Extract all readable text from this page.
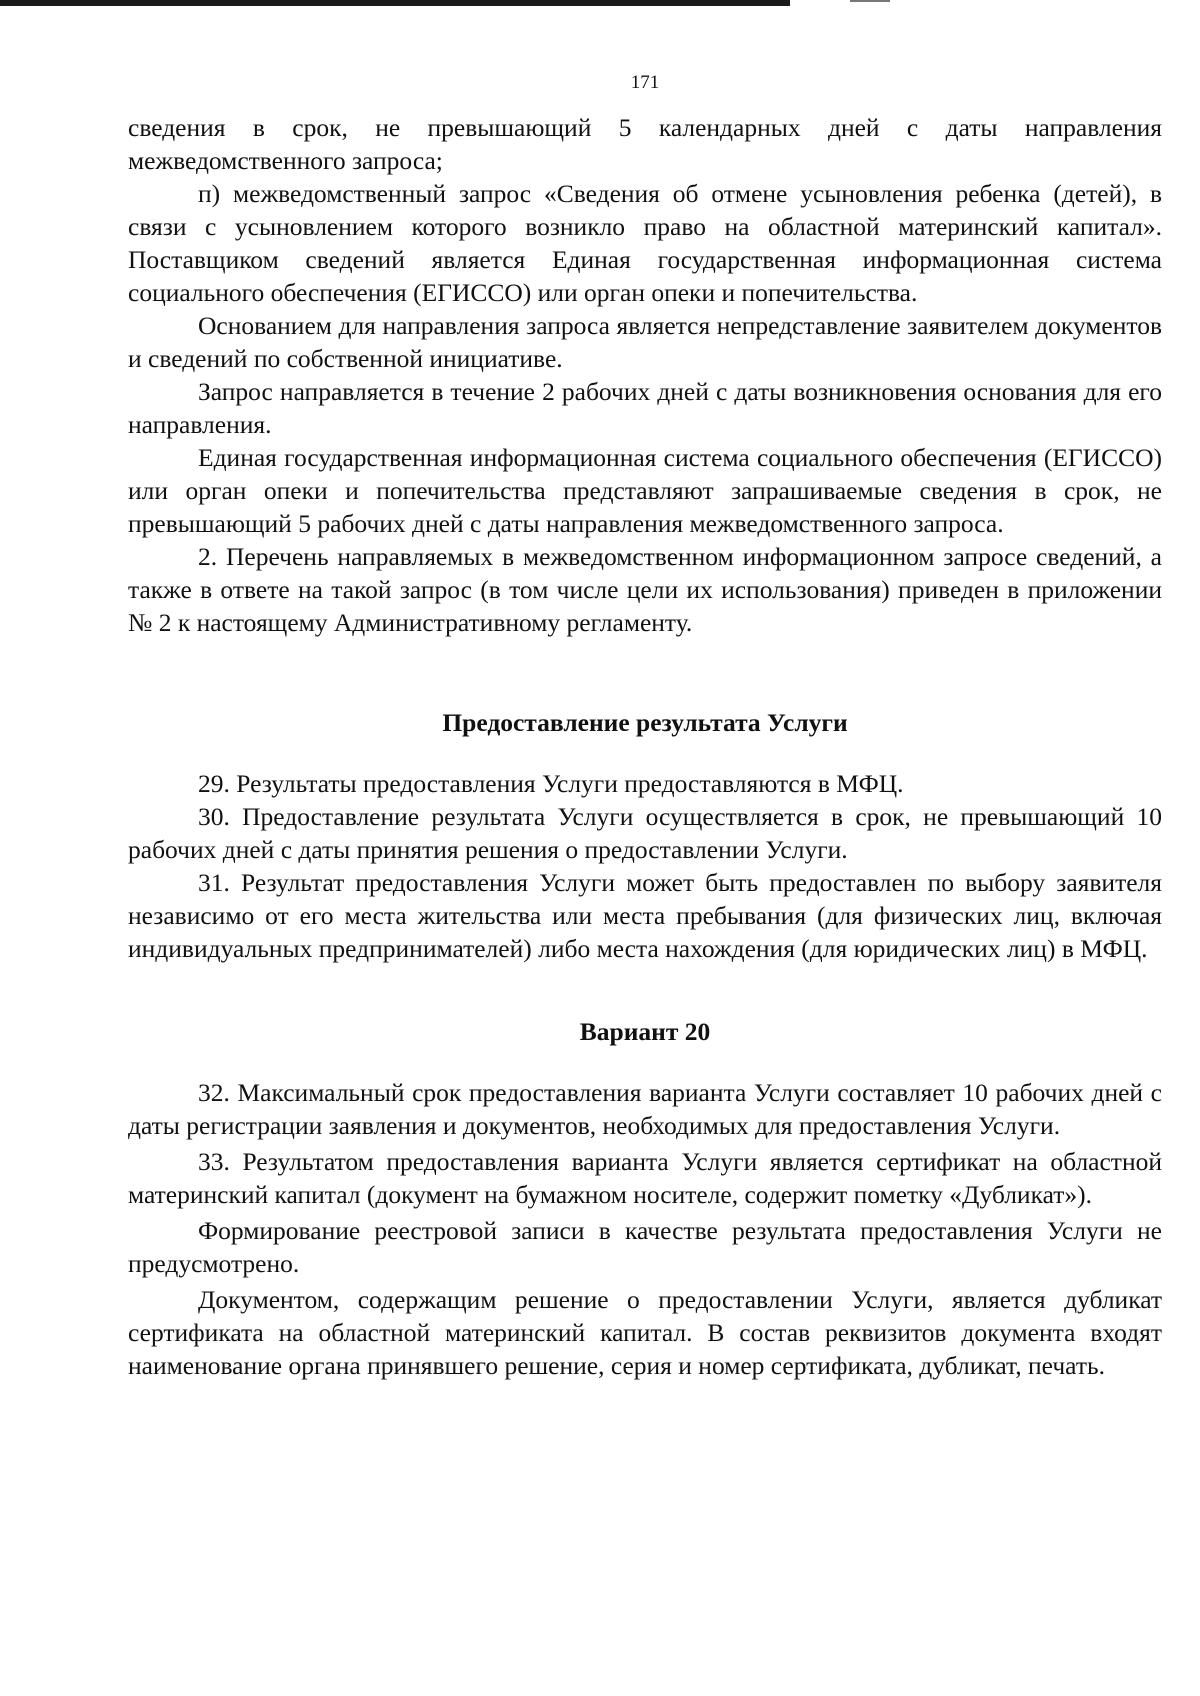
171

сведения в срок, не превышающий 5 календарных дней с даты направления межведомственного запроса;

п) межведомственный запрос «Сведения об отмене усыновления ребенка (детей), в связи с усыновлением которого возникло право на областной материнский капитал». Поставщиком сведений является Единая государственная информационная система социального обеспечения (ЕГИССО) или орган опеки и попечительства.

Основанием для направления запроса является непредставление заявителем документов и сведений по собственной инициативе.

Запрос направляется в течение 2 рабочих дней с даты возникновения основания для его направления.

Единая государственная информационная система социального обеспечения (ЕГИССО) или орган опеки и попечительства представляют запрашиваемые сведения в срок, не превышающий 5 рабочих дней с даты направления межведомственного запроса.

2. Перечень направляемых в межведомственном информационном запросе сведений, а также в ответе на такой запрос (в том числе цели их использования) приведен в приложении № 2 к настоящему Административному регламенту.

Предоставление результата Услуги

29. Результаты предоставления Услуги предоставляются в МФЦ.

30. Предоставление результата Услуги осуществляется в срок, не превышающий 10 рабочих дней с даты принятия решения о предоставлении Услуги.

31. Результат предоставления Услуги может быть предоставлен по выбору заявителя независимо от его места жительства или места пребывания (для физических лиц, включая индивидуальных предпринимателей) либо места нахождения (для юридических лиц) в МФЦ.

Вариант 20

32. Максимальный срок предоставления варианта Услуги составляет 10 рабочих дней с даты регистрации заявления и документов, необходимых для предоставления Услуги.

33. Результатом предоставления варианта Услуги является сертификат на областной материнский капитал (документ на бумажном носителе, содержит пометку «Дубликат»).

Формирование реестровой записи в качестве результата предоставления Услуги не предусмотрено.

Документом, содержащим решение о предоставлении Услуги, является дубликат сертификата на областной материнский капитал. В состав реквизитов документа входят наименование органа принявшего решение, серия и номер сертификата, дубликат, печать.
